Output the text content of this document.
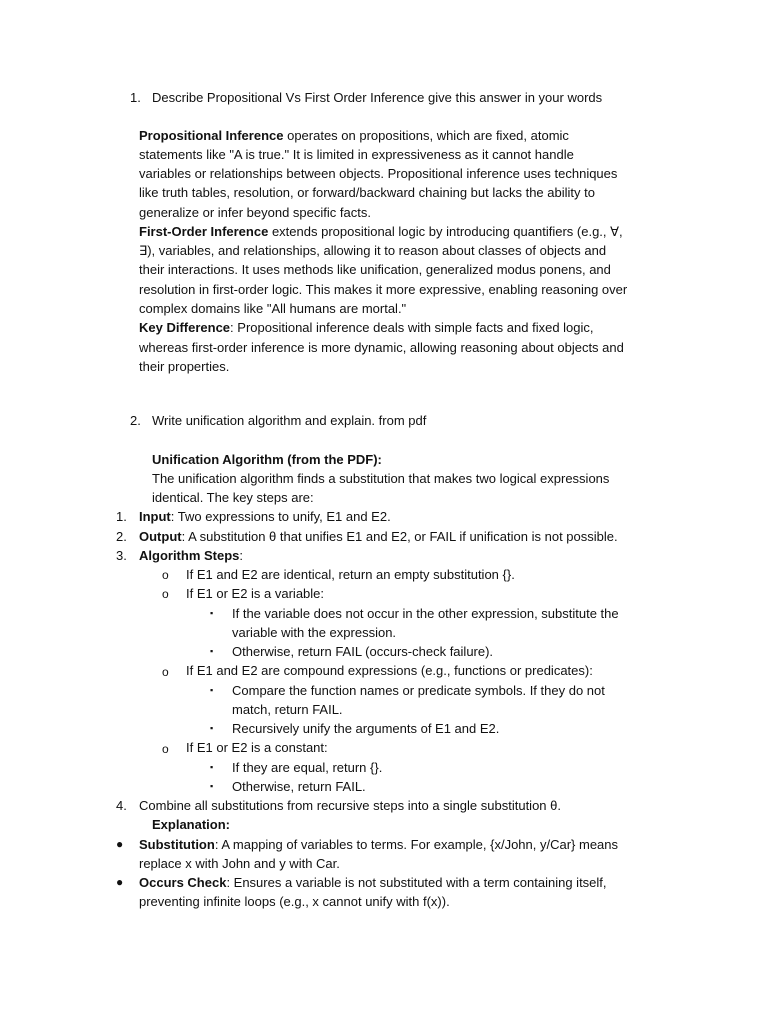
1. Describe Propositional Vs First Order Inference give this answer in your words
Propositional Inference operates on propositions, which are fixed, atomic
statements like "A is true." It is limited in expressiveness as it cannot handle
variables or relationships between objects. Propositional inference uses techniques
like truth tables, resolution, or forward/backward chaining but lacks the ability to
generalize or infer beyond specific facts.
First-Order Inference extends propositional logic by introducing quantifiers (e.g., ∀,
∃), variables, and relationships, allowing it to reason about classes of objects and
their interactions. It uses methods like unification, generalized modus ponens, and
resolution in first-order logic. This makes it more expressive, enabling reasoning over
complex domains like "All humans are mortal."
Key Difference: Propositional inference deals with simple facts and fixed logic,
whereas first-order inference is more dynamic, allowing reasoning about objects and
their properties.
2. Write unification algorithm and explain. from pdf
Unification Algorithm (from the PDF):
The unification algorithm finds a substitution that makes two logical expressions
identical. The key steps are:
1. Input: Two expressions to unify, E1 and E2.
2. Output: A substitution θ that unifies E1 and E2, or FAIL if unification is not possible.
3. Algorithm Steps:
o If E1 and E2 are identical, return an empty substitution {}.
o If E1 or E2 is a variable:
▪ If the variable does not occur in the other expression, substitute the
variable with the expression.
▪ Otherwise, return FAIL (occurs-check failure).
o If E1 and E2 are compound expressions (e.g., functions or predicates):
▪ Compare the function names or predicate symbols. If they do not
match, return FAIL.
▪ Recursively unify the arguments of E1 and E2.
o If E1 or E2 is a constant:
▪ If they are equal, return {}.
▪ Otherwise, return FAIL.
4. Combine all substitutions from recursive steps into a single substitution θ.
Explanation:
● Substitution: A mapping of variables to terms. For example, {x/John, y/Car} means
replace x with John and y with Car.
● Occurs Check: Ensures a variable is not substituted with a term containing itself,
preventing infinite loops (e.g., x cannot unify with f(x)).
